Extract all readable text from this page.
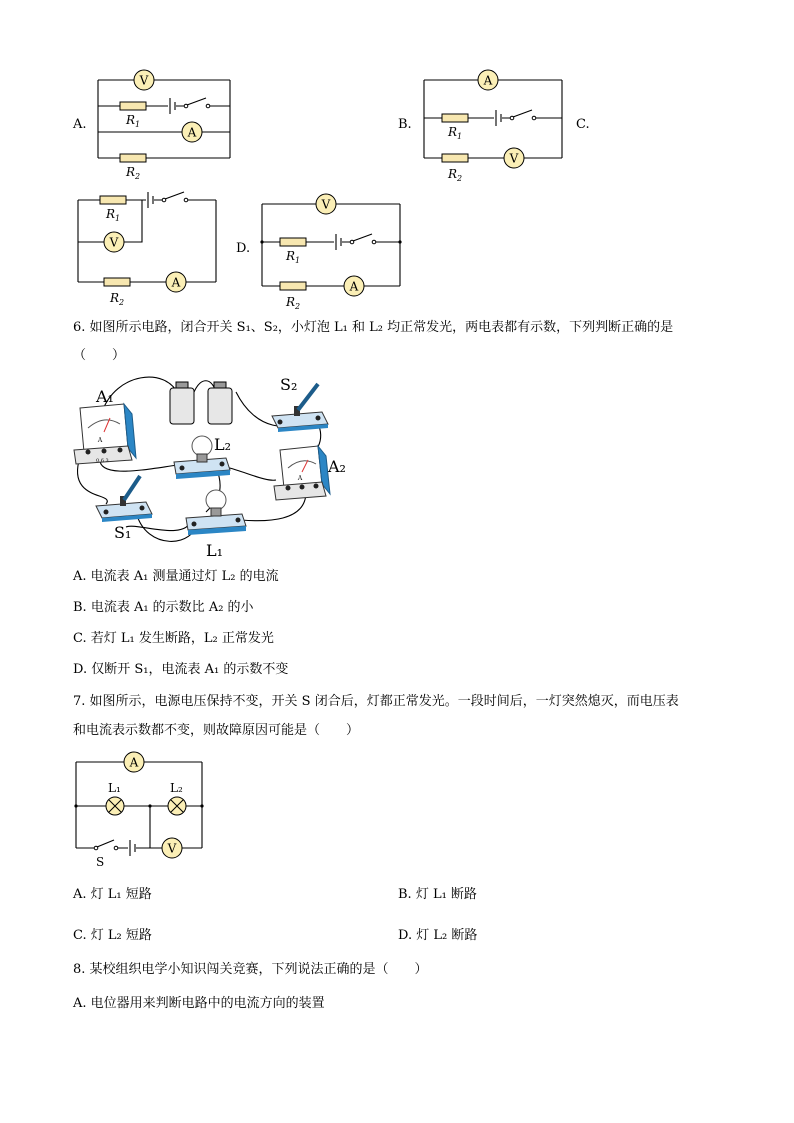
A.
V
$R_1$
A
$R_2$
B.
A
$R_1$
V
$R_2$
C.
$R_1$
V
A
$R_2$
D.
V
$R_1$
A
$R_2$
6. 如图所示电路，闭合开关 S₁、S₂，小灯泡 L₁ 和 L₂ 均正常发光，两电表都有示数，下列判断正确的是
（　　）
A
0.6 3
A₁
S₂
L₂
A
A₂
S₁
L₁
A. 电流表 A₁ 测量通过灯 L₂ 的电流
B. 电流表 A₁ 的示数比 A₂ 的小
C. 若灯 L₁ 发生断路，L₂ 正常发光
D. 仅断开 S₁，电流表 A₁ 的示数不变
7. 如图所示，电源电压保持不变，开关 S 闭合后，灯都正常发光。一段时间后，一灯突然熄灭，而电压表
和电流表示数都不变，则故障原因可能是（　　）
A
L₁	L₂
V
S
A. 灯 L₁ 短路	B. 灯 L₁ 断路
C. 灯 L₂ 短路	D. 灯 L₂ 断路
8. 某校组织电学小知识闯关竞赛，下列说法正确的是（　　）
A. 电位器用来判断电路中的电流方向的装置
